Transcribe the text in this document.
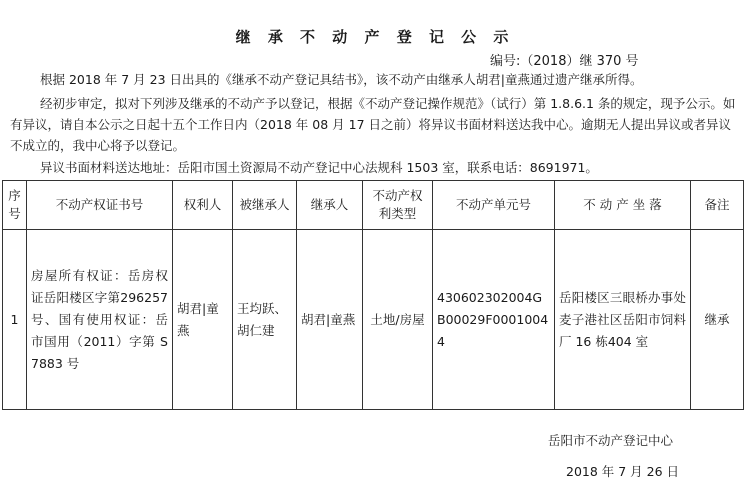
继 承 不 动 产 登 记 公 示
编号:（2018）继 370 号
根据 2018 年 7 月 23 日出具的《继承不动产登记具结书》，该不动产由继承人胡君|童燕通过遗产继承所得。
经初步审定，拟对下列涉及继承的不动产予以登记，根据《不动产登记操作规范》（试行）第 1.8.6.1 条的规定，现予公示。如有异议，请自本公示之日起十五个工作日内（2018 年 08 月 17 日之前）将异议书面材料送达我中心。逾期无人提出异议或者异议不成立的，我中心将予以登记。
异议书面材料送达地址：岳阳市国土资源局不动产登记中心法规科 1503 室，联系电话：8691971。
序号	不动产权证书号	权利人	被继承人	继承人	不动产权利类型	不动产单元号	不 动 产 坐 落	备注
1	房屋所有权证：岳房权证岳阳楼区字第296257 号、国有使用权证：岳市国用（2011）字第 S7883 号	胡君|童燕	王均跃、胡仁建	胡君|童燕	土地/房屋	430602302004GB00029F00010044	岳阳楼区三眼桥办事处麦子港社区岳阳市饲料厂 16 栋404 室	继承
岳阳市不动产登记中心
2018 年 7 月 26 日
